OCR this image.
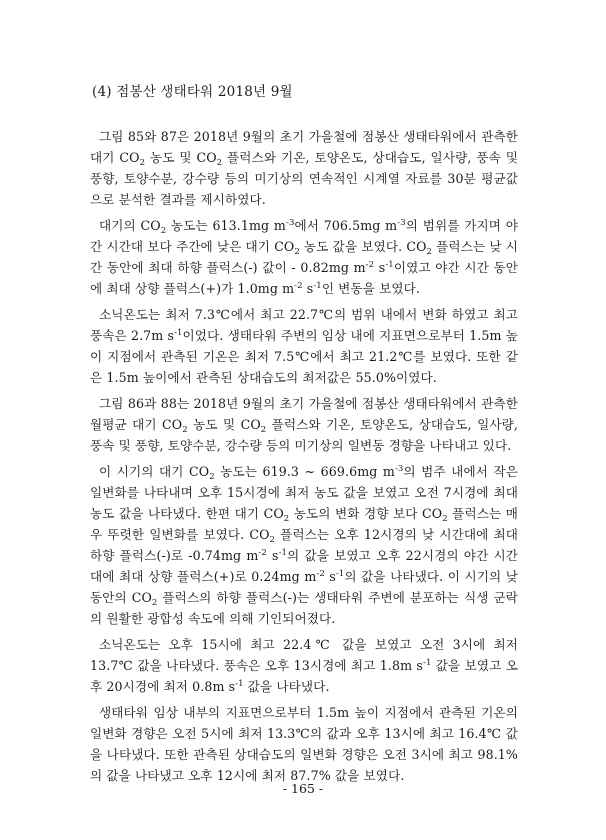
(4) 점봉산 생태타워 2018년 9월

그림 85와 87은 2018년 9월의 초기 가을철에 점봉산 생태타워에서 관측한 대기 $CO_2$ 농도 및 $CO_2$ 플럭스와 기온, 토양온도, 상대습도, 일사량, 풍속 및 풍향, 토양수분, 강수량 등의 미기상의 연속적인 시계열 자료를 30분 평균값으로 분석한 결과를 제시하였다.

대기의 $CO_2$ 농도는 613.1mg $m^{-3}$에서 706.5mg $m^{-3}$의 범위를 가지며 야간 시간대 보다 주간에 낮은 대기 $CO_2$ 농도 값을 보였다. $CO_2$ 플럭스는 낮 시간 동안에 최대 하향 플럭스(-) 값이 - 0.82mg $m^{-2}$ $s^{-1}$이였고 야간 시간 동안에 최대 상향 플럭스(+)가 1.0mg $m^{-2}$ $s^{-1}$인 변동을 보였다.

소닉온도는 최저 7.3℃에서 최고 22.7℃의 범위 내에서 변화 하였고 최고 풍속은 2.7m $s^{-1}$이었다. 생태타워 주변의 임상 내에 지표면으로부터 1.5m 높이 지점에서 관측된 기온은 최저 7.5℃에서 최고 21.2℃를 보였다. 또한 같은 1.5m 높이에서 관측된 상대습도의 최저값은 55.0%이였다.

그림 86과 88는 2018년 9월의 초기 가을철에 점봉산 생태타워에서 관측한 월평균 대기 $CO_2$ 농도 및 $CO_2$ 플럭스와 기온, 토양온도, 상대습도, 일사량, 풍속 및 풍향, 토양수분, 강수량 등의 미기상의 일변동 경향을 나타내고 있다.

이 시기의 대기 $CO_2$ 농도는 619.3 ~ 669.6mg $m^{-3}$의 범주 내에서 작은 일변화를 나타내며 오후 15시경에 최저 농도 값을 보였고 오전 7시경에 최대 농도 값을 나타냈다. 한편 대기 $CO_2$ 농도의 변화 경향 보다 $CO_2$ 플럭스는 매우 뚜렷한 일변화를 보였다. $CO_2$ 플럭스는 오후 12시경의 낮 시간대에 최대 하향 플럭스(-)로 -0.74mg $m^{-2}$ $s^{-1}$의 값을 보였고 오후 22시경의 야간 시간대에 최대 상향 플럭스(+)로 0.24mg $m^{-2}$ $s^{-1}$의 값을 나타냈다. 이 시기의 낮 동안의 $CO_2$ 플럭스의 하향 플럭스(-)는 생태타워 주변에 분포하는 식생 군락의 원활한 광합성 속도에 의해 기인되어졌다.

소닉온도는 오후 15시에 최고 22.4℃ 값을 보였고 오전 3시에 최저 13.7℃ 값을 나타냈다. 풍속은 오후 13시경에 최고 1.8m $s^{-1}$ 값을 보였고 오후 20시경에 최저 0.8m $s^{-1}$ 값을 나타냈다.

생태타워 임상 내부의 지표면으로부터 1.5m 높이 지점에서 관측된 기온의 일변화 경향은 오전 5시에 최저 13.3℃의 값과 오후 13시에 최고 16.4℃ 값을 나타냈다. 또한 관측된 상대습도의 일변화 경향은 오전 3시에 최고 98.1%의 값을 나타냈고 오후 12시에 최저 87.7% 값을 보였다.

- 165 -
